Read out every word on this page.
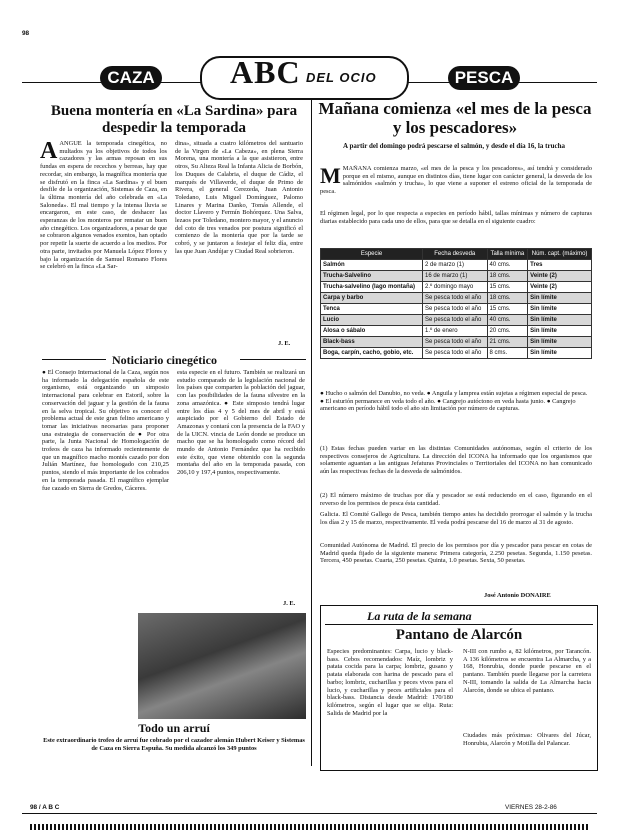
98
CAZA ABC DEL OCIO	PESCA
Buena montería en «La Sardina» para despedir la temporada
AANGUE la temporada cinegética, no multados ya los objetivos de todos los cazadores y las armas reposan en sus fundas en espera de recechos y berreas, hay que recordar, sin embargo, la magnífica montería que se disfrutó en la finca «La Sardina» y el buen desfile de la organización, Sistemas de Caza, en la última montería del año celebrada en «La Saloneda». El mal tiempo y la intensa lluvia se encargaron, en este caso, de deshacer las esperanzas de los monteros por rematar un buen año cinegético. Los organizadores, a pesar de que se cobraron algunos venados exentos, han optado por repetir la suerte de acuerdo a los medios. Por otra parte, invitados por Manuela López Flores y bajo la organización de Samuel Romano Flores se celebró en la finca «La Sar-
dina», situada a cuatro kilómetros del santuario de la Virgen de «La Cabeza», en plena Sierra Morena, una montería a la que asistieron, entre otros, Su Alteza Real la Infanta Alicia de Borbón, los Duques de Calabria, el duque de Cádiz, el marqués de Villaverde, el duque de Primo de Rivera, el general Cerezeda, Juan Antonio Toledano, Luis Miguel Domínguez, Palomo Linares y Marina Danko, Tomás Allende, el doctor Llavero y Fermín Bohórquez. Una Salva, lezaos por Toledano, montero mayor, y el anuncio del coto de tres venados por postura significó el comienzo de la montería que por la tarde se cobró, y se juntaron a festejar el feliz día, entre las que Juan Andújar y Ciudad Real sobrieron.
J. E.
Noticiario cinegético
● El Consejo Internacional de la Caza, según nos ha informado la delegación española de este organismo, está organizando un simposio internacional para celebrar en Estoril, sobre la conservación del jaguar y la gestión de la fauna en la selva tropical. Su objetivo es conocer el problema actual de este gran felino americano y tomar las iniciativas necesarias para proponer una estrategia de conservación de ● Por otra parte, la Junta Nacional de Homologación de trofeos de caza ha informado recientemente de que un magnífico macho montés cazado por don Julián Martínez, fue homologado con 210,25 puntos, siendo el más importante de los cobrados en la temporada pasada. El magnífico ejemplar fue cazado en Sierra de Gredos, Cáceres.
esta especie en el futuro. También se realizará un estudio comparado de la legislación nacional de los países que comparten la población del jaguar, con las posibilidades de la fauna silvestre en la zona amazónica. ● Este simposio tendrá lugar entre los días 4 y 5 del mes de abril y está auspiciado por el Gobierno del Estado de Amazonas y contará con la presencia de la FAO y de la UICN. vincia de León donde se produce un macho que se ha homologado como récord del mundo de Antonio Fernández que ha recibido este éxito, que viene obtenido con la segunda montaña del año en la temporada pasada, con 206,10 y 197,4 puntos, respectivamente.
J. E.
Todo un arruí
Este extraordinario trofeo de arruí fue cobrado por el cazador alemán Hubert Keiser y Sistemas de Caza en Sierra Espuña. Su medida alcanzó los 349 puntos
Mañana comienza «el mes de la pesca y los pescadores»
A partir del domingo podrá pescarse el salmón, y desde el día 16, la trucha
MMAÑANA comienza marzo, «el mes de la pesca y los pescadores», así tendrá y considerado porque en el mismo, aunque en distintos días, tiene lugar con carácter general, la desveda de los salmónidos «salmón y trucha», lo que viene a suponer el estreno oficial de la temporada de pesca.
El régimen legal, por lo que respecta a especies en período hábil, tallas mínimas y número de capturas diarias establecido para cada uno de ellos, para que se detalla en el siguiente cuadro:
Especie	Fecha desveda	Talla mínima	Núm. capt. (máximo)
Salmón	2 de marzo (1)	40 cms.	Tres
Trucha-Salvelino	16 de marzo (1)	18 cms.	Veinte (2)
Trucha-salvelino (lago montaña)	2.º domingo mayo	15 cms.	Veinte (2)
Carpa y barbo	Se pesca todo el año	18 cms.	Sin límite
Tenca	Se pesca todo el año	15 cms.	Sin límite
Lucio	Se pesca todo el año	40 cms.	Sin límite
Alosa o sábalo	1.º de enero	20 cms.	Sin límite
Black-bass	Se pesca todo el año	21 cms.	Sin límite
Boga, carpín, cacho, gobio, etc.	Se pesca todo el año	8 cms.	Sin límite
● Hucho o salmón del Danubio, no veda. ● Anguila y lamprea están sujetas a régimen especial de pesca. ● El esturión permanece en veda todo el año. ● Cangrejo autóctono en veda hasta junio. ● Cangrejo americano en período hábil todo el año sin limitación por número de capturas.
(1) Estas fechas pueden variar en las distintas Comunidades autónomas, según el criterio de los respectivos consejeros de Agricultura. La dirección del ICONA ha informado que los organismos que solamente aguantan a las antiguas Jefaturas Provinciales o Territoriales del ICONA no han comunicado aún las respectivas fechas de la desveda de salmónidos.
(2) El número máximo de truchas por día y pescador se está reduciendo en el caso, figurando en el reverso de los permisos de pesca ésta cantidad.
Galicia. El Comité Gallego de Pesca, también tiempo antes ha decidido prorrogar el salmón y la trucha los días 2 y 15 de marzo, respectivamente. El veda podrá pescarse del 16 de marzo al 31 de agosto.
Comunidad Autónoma de Madrid. El precio de los permisos por día y pescador para pescar en cotas de Madrid queda fijado de la siguiente manera: Primera categoría, 2.250 pesetas. Segunda, 1.150 pesetas. Tercera, 450 pesetas. Cuarta, 250 pesetas. Quinta, 1.0 pesetas. Sexta, 50 pesetas.
José Antonio DONAIRE
La ruta de la semana
Pantano de Alarcón
Especies predominantes: Carpa, lucio y black-bass. Cebos recomendados: Maíz, lombriz y patata cocida para la carpa; lombriz, gusano y patata elaborada con harina de pescado para el barbo; lombriz, cucharillas y peces vivos para el lucio, y cucharillas y peces artificiales para el black-bass. Distancia desde Madrid: 170/180 kilómetros, según el lugar que se elija. Ruta: Salida de Madrid por la
N-III con rumbo a, 82 kilómetros, por Tarancón. A 136 kilómetros se encuentra La Almarcha, y a 168, Honrubia, donde puede pescarse en el pantano. También puede llegarse por la carretera N-III, tomando la salida de La Almarcha hacia Alarcón, donde se ubica el pantano.
Ciudades más próximas: Olivares del Júcar, Honrubia, Alarcón y Motilla del Palancar.
98 / A B C	VIERNES 28-2-86
